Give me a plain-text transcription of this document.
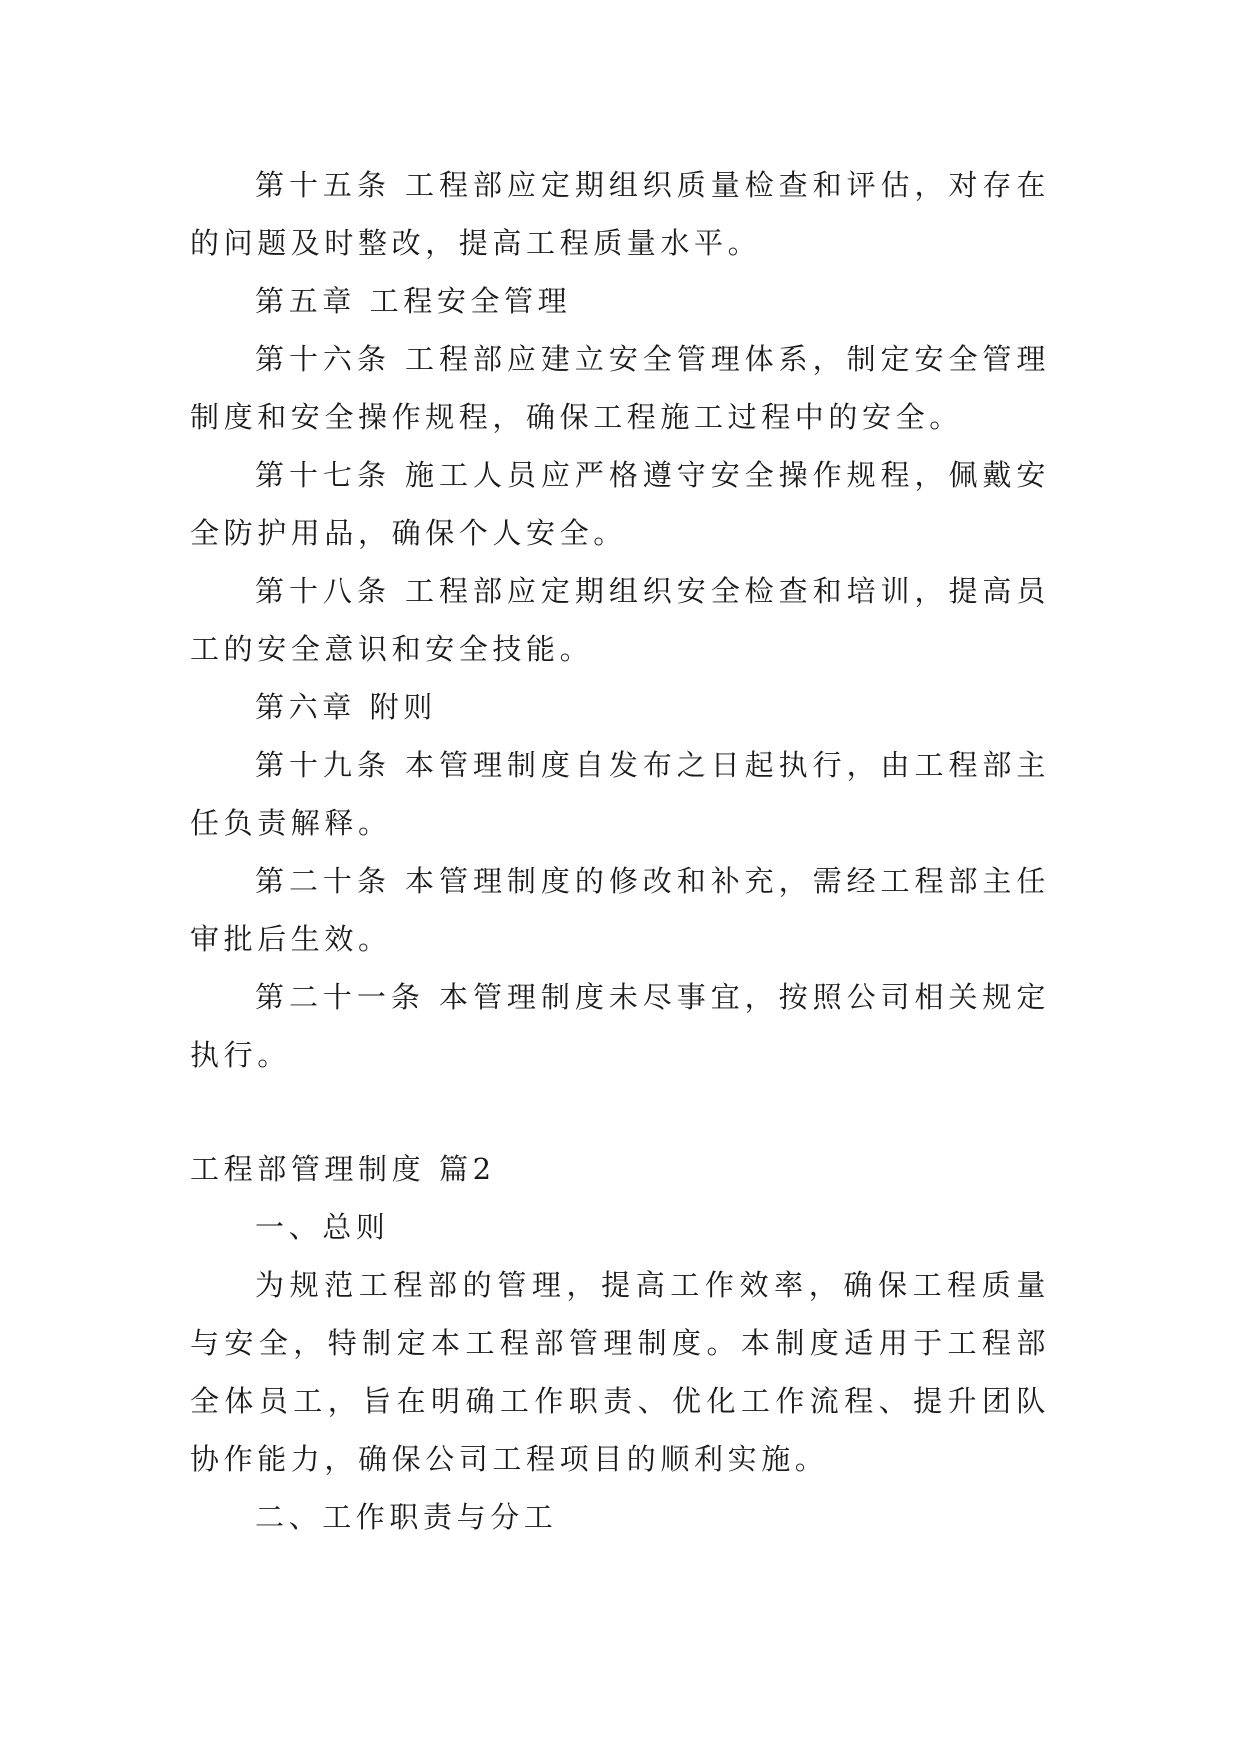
第十五条 工程部应定期组织质量检查和评估，对存在的问题及时整改，提高工程质量水平。

第五章 工程安全管理

第十六条 工程部应建立安全管理体系，制定安全管理制度和安全操作规程，确保工程施工过程中的安全。

第十七条 施工人员应严格遵守安全操作规程，佩戴安全防护用品，确保个人安全。

第十八条 工程部应定期组织安全检查和培训，提高员工的安全意识和安全技能。

第六章 附则

第十九条 本管理制度自发布之日起执行，由工程部主任负责解释。

第二十条 本管理制度的修改和补充，需经工程部主任审批后生效。

第二十一条 本管理制度未尽事宜，按照公司相关规定执行。

工程部管理制度 篇2

一、总则

为规范工程部的管理，提高工作效率，确保工程质量与安全，特制定本工程部管理制度。本制度适用于工程部全体员工，旨在明确工作职责、优化工作流程、提升团队协作能力，确保公司工程项目的顺利实施。

二、工作职责与分工
